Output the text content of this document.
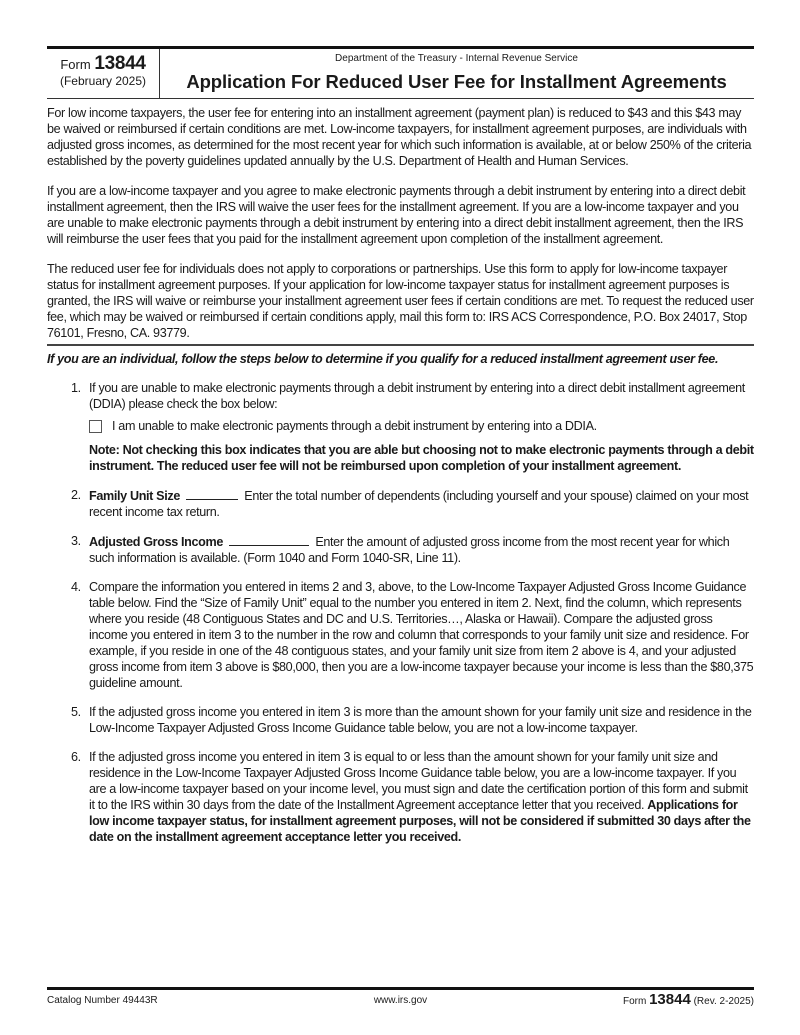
Form 13844
(February 2025)
Department of the Treasury - Internal Revenue Service
Application For Reduced User Fee for Installment Agreements

For low income taxpayers, the user fee for entering into an installment agreement (payment plan) is reduced to $43 and this $43 may be waived or reimbursed if certain conditions are met. Low-income taxpayers, for installment agreement purposes, are individuals with adjusted gross incomes, as determined for the most recent year for which such information is available, at or below 250% of the criteria established by the poverty guidelines updated annually by the U.S. Department of Health and Human Services.

If you are a low-income taxpayer and you agree to make electronic payments through a debit instrument by entering into a direct debit installment agreement, then the IRS will waive the user fees for the installment agreement. If you are a low-income taxpayer and you are unable to make electronic payments through a debit instrument by entering into a direct debit installment agreement, then the IRS will reimburse the user fees that you paid for the installment agreement upon completion of the installment agreement.

The reduced user fee for individuals does not apply to corporations or partnerships. Use this form to apply for low-income taxpayer status for installment agreement purposes. If your application for low-income taxpayer status for installment agreement purposes is granted, the IRS will waive or reimburse your installment agreement user fees if certain conditions are met. To request the reduced user fee, which may be waived or reimbursed if certain conditions apply, mail this form to: IRS ACS Correspondence, P.O. Box 24017, Stop 76101, Fresno, CA. 93779.

If you are an individual, follow the steps below to determine if you qualify for a reduced installment agreement user fee.

1. If you are unable to make electronic payments through a debit instrument by entering into a direct debit installment agreement (DDIA) please check the box below:
I am unable to make electronic payments through a debit instrument by entering into a DDIA.
Note: Not checking this box indicates that you are able but choosing not to make electronic payments through a debit instrument. The reduced user fee will not be reimbursed upon completion of your installment agreement.
2. Family Unit Size	Enter the total number of dependents (including yourself and your spouse) claimed on your most recent income tax return.
3. Adjusted Gross Income	Enter the amount of adjusted gross income from the most recent year for which such information is available. (Form 1040 and Form 1040-SR, Line 11).
4. Compare the information you entered in items 2 and 3, above, to the Low-Income Taxpayer Adjusted Gross Income Guidance table below. Find the “Size of Family Unit” equal to the number you entered in item 2. Next, find the column, which represents where you reside (48 Contiguous States and DC and U.S. Territories…, Alaska or Hawaii). Compare the adjusted gross income you entered in item 3 to the number in the row and column that corresponds to your family unit size and residence. For example, if you reside in one of the 48 contiguous states, and your family unit size from item 2 above is 4, and your adjusted gross income from item 3 above is $80,000, then you are a low-income taxpayer because your income is less than the $80,375 guideline amount.
5. If the adjusted gross income you entered in item 3 is more than the amount shown for your family unit size and residence in the Low-Income Taxpayer Adjusted Gross Income Guidance table below, you are not a low-income taxpayer.
6. If the adjusted gross income you entered in item 3 is equal to or less than the amount shown for your family unit size and residence in the Low-Income Taxpayer Adjusted Gross Income Guidance table below, you are a low-income taxpayer. If you are a low-income taxpayer based on your income level, you must sign and date the certification portion of this form and submit it to the IRS within 30 days from the date of the Installment Agreement acceptance letter that you received. Applications for low income taxpayer status, for installment agreement purposes, will not be considered if submitted 30 days after the date on the installment agreement acceptance letter you received.
Catalog Number 49443R	www.irs.gov	Form 13844 (Rev. 2-2025)
